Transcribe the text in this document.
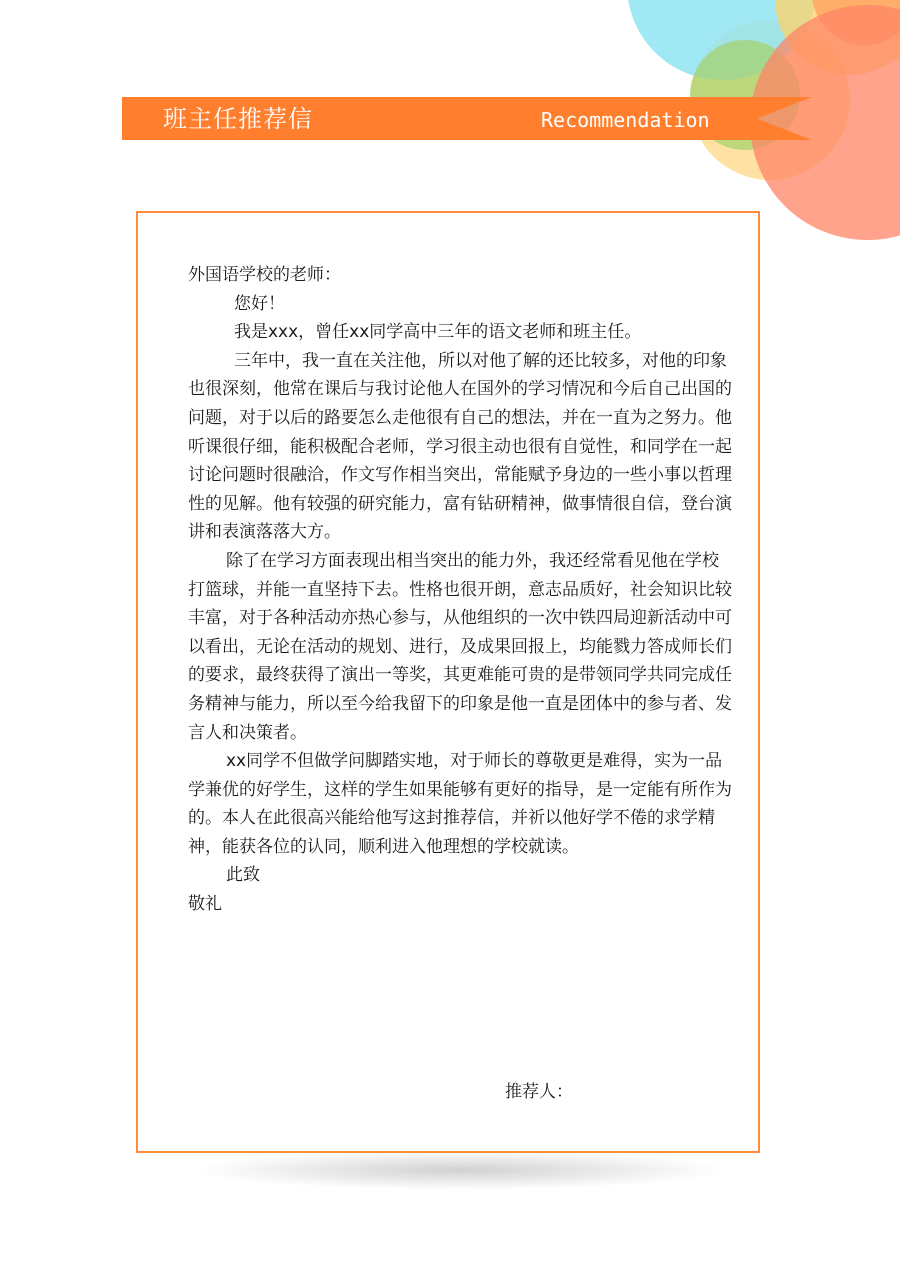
班主任推荐信	Recommendation

外国语学校的老师：

您好！

我是xxx，曾任xx同学高中三年的语文老师和班主任。

三年中，我一直在关注他，所以对他了解的还比较多，对他的印象也很深刻，他常在课后与我讨论他人在国外的学习情况和今后自己出国的问题，对于以后的路要怎么走他很有自己的想法，并在一直为之努力。他听课很仔细，能积极配合老师，学习很主动也很有自觉性，和同学在一起讨论问题时很融洽，作文写作相当突出，常能赋予身边的一些小事以哲理性的见解。他有较强的研究能力，富有钻研精神，做事情很自信，登台演讲和表演落落大方。

除了在学习方面表现出相当突出的能力外，我还经常看见他在学校打篮球，并能一直坚持下去。性格也很开朗，意志品质好，社会知识比较丰富，对于各种活动亦热心参与，从他组织的一次中铁四局迎新活动中可以看出，无论在活动的规划、进行，及成果回报上，均能戮力答成师长们的要求，最终获得了演出一等奖，其更难能可贵的是带领同学共同完成任务精神与能力，所以至今给我留下的印象是他一直是团体中的参与者、发言人和决策者。

xx同学不但做学问脚踏实地，对于师长的尊敬更是难得，实为一品学兼优的好学生，这样的学生如果能够有更好的指导，是一定能有所作为的。本人在此很高兴能给他写这封推荐信，并祈以他好学不倦的求学精神，能获各位的认同，顺利进入他理想的学校就读。

此致

敬礼

推荐人：
